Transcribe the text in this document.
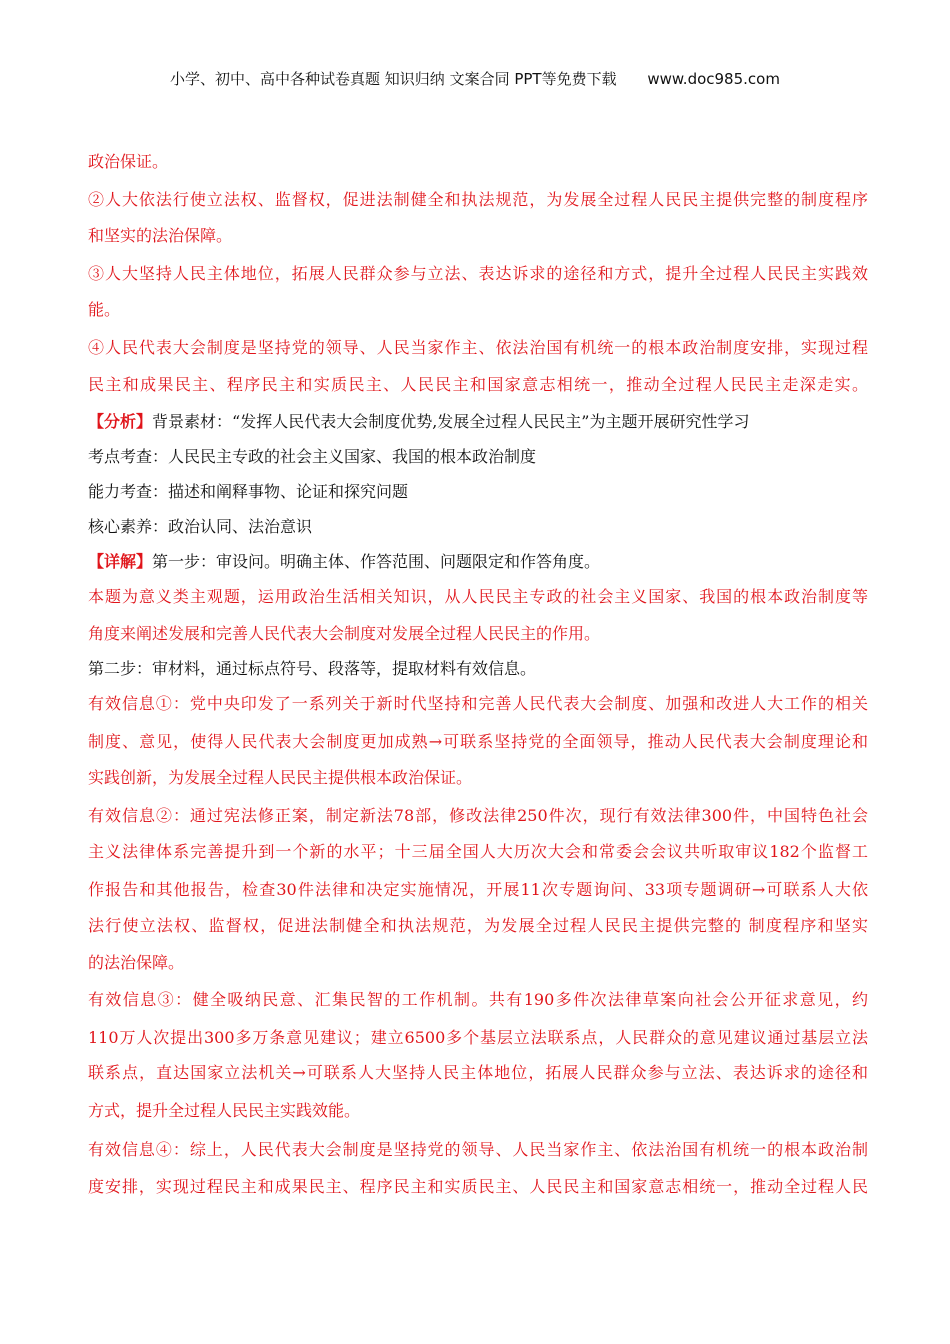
小学、初中、高中各种试卷真题 知识归纳 文案合同 PPT等免费下载 www.doc985.com
政治保证。
②人大依法行使立法权、监督权，促进法制健全和执法规范，为发展全过程人民民主提供完整的制度程序
和坚实的法治保障。
③人大坚持人民主体地位，拓展人民群众参与立法、表达诉求的途径和方式，提升全过程人民民主实践效
能。
④人民代表大会制度是坚持党的领导、人民当家作主、依法治国有机统一的根本政治制度安排，实现过程
民主和成果民主、程序民主和实质民主、人民民主和国家意志相统一，推动全过程人民民主走深走实。
【分析】背景素材：“发挥人民代表大会制度优势,发展全过程人民民主”为主题开展研究性学习
考点考查：人民民主专政的社会主义国家、我国的根本政治制度
能力考查：描述和阐释事物、论证和探究问题
核心素养：政治认同、法治意识
【详解】第一步：审设问。明确主体、作答范围、问题限定和作答角度。
本题为意义类主观题，运用政治生活相关知识，从人民民主专政的社会主义国家、我国的根本政治制度等
角度来阐述发展和完善人民代表大会制度对发展全过程人民民主的作用。
第二步：审材料，通过标点符号、段落等，提取材料有效信息。
有效信息①：党中央印发了一系列关于新时代坚持和完善人民代表大会制度、加强和改进人大工作的相关
制度、意见，使得人民代表大会制度更加成熟→可联系坚持党的全面领导，推动人民代表大会制度理论和
实践创新，为发展全过程人民民主提供根本政治保证。
有效信息②：通过宪法修正案，制定新法78部，修改法律250件次，现行有效法律300件，中国特色社会
主义法律体系完善提升到一个新的水平；十三届全国人大历次大会和常委会会议共听取审议182个监督工
作报告和其他报告，检查30件法律和决定实施情况，开展11次专题询问、33项专题调研→可联系人大依
法行使立法权、监督权，促进法制健全和执法规范，为发展全过程人民民主提供完整的 制度程序和坚实
的法治保障。
有效信息③：健全吸纳民意、汇集民智的工作机制。共有190多件次法律草案向社会公开征求意见，约
110万人次提出300多万条意见建议；建立6500多个基层立法联系点，人民群众的意见建议通过基层立法
联系点，直达国家立法机关→可联系人大坚持人民主体地位，拓展人民群众参与立法、表达诉求的途径和
方式，提升全过程人民民主实践效能。
有效信息④：综上，人民代表大会制度是坚持党的领导、人民当家作主、依法治国有机统一的根本政治制
度安排，实现过程民主和成果民主、程序民主和实质民主、人民民主和国家意志相统一，推动全过程人民
